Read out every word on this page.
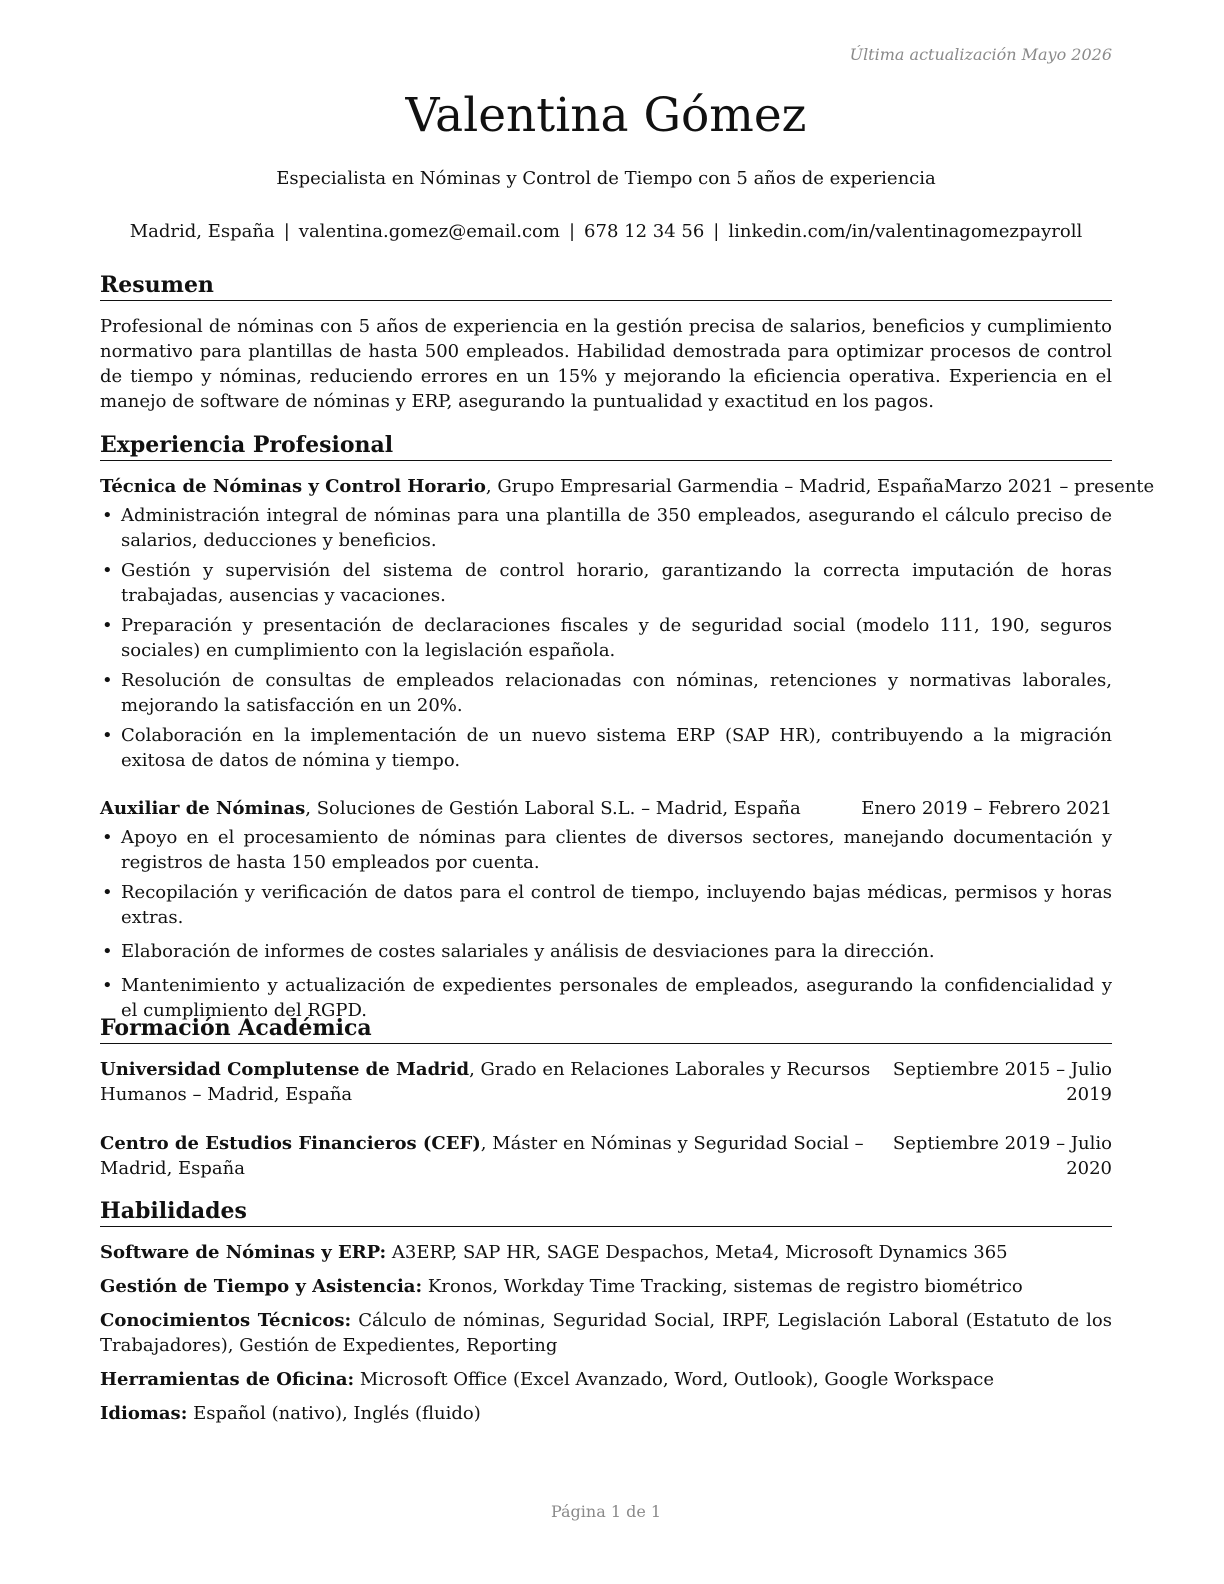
Última actualización Mayo 2026
Valentina Gómez
Especialista en Nóminas y Control de Tiempo con 5 años de experiencia
Madrid, España | valentina.gomez@email.com | 678 12 34 56 | linkedin.com/in/valentinagomezpayroll
Resumen
Profesional de nóminas con 5 años de experiencia en la gestión precisa de salarios, beneficios y cumplimiento normativo para plantillas de hasta 500 empleados. Habilidad demostrada para optimizar procesos de control de tiempo y nóminas, reduciendo errores en un 15% y mejorando la eficiencia operativa. Experiencia en el manejo de software de nóminas y ERP, asegurando la puntualidad y exactitud en los pagos.
Experiencia Profesional
Técnica de Nóminas y Control Horario, Grupo Empresarial Garmendia – Madrid, España Marzo 2021 – presente
• Administración integral de nóminas para una plantilla de 350 empleados, asegurando el cálculo preciso de salarios, deducciones y beneficios.
• Gestión y supervisión del sistema de control horario, garantizando la correcta imputación de horas trabajadas, ausencias y vacaciones.
• Preparación y presentación de declaraciones fiscales y de seguridad social (modelo 111, 190, seguros sociales) en cumplimiento con la legislación española.
• Resolución de consultas de empleados relacionadas con nóminas, retenciones y normativas laborales, mejorando la satisfacción en un 20%.
• Colaboración en la implementación de un nuevo sistema ERP (SAP HR), contribuyendo a la migración exitosa de datos de nómina y tiempo.
Auxiliar de Nóminas, Soluciones de Gestión Laboral S.L. – Madrid, España	Enero 2019 – Febrero 2021
• Apoyo en el procesamiento de nóminas para clientes de diversos sectores, manejando documentación y registros de hasta 150 empleados por cuenta.
• Recopilación y verificación de datos para el control de tiempo, incluyendo bajas médicas, permisos y horas extras.
• Elaboración de informes de costes salariales y análisis de desviaciones para la dirección.
• Mantenimiento y actualización de expedientes personales de empleados, asegurando la confidencialidad y el cumplimiento del RGPD.
Formación Académica
Universidad Complutense de Madrid, Grado en Relaciones Laborales y Recursos Humanos – Madrid, España
Septiembre 2015 – Julio 2019
Centro de Estudios Financieros (CEF), Máster en Nóminas y Seguridad Social – Madrid, España
Septiembre 2019 – Julio 2020
Habilidades
Software de Nóminas y ERP: A3ERP, SAP HR, SAGE Despachos, Meta4, Microsoft Dynamics 365
Gestión de Tiempo y Asistencia: Kronos, Workday Time Tracking, sistemas de registro biométrico
Conocimientos Técnicos: Cálculo de nóminas, Seguridad Social, IRPF, Legislación Laboral (Estatuto de los Trabajadores), Gestión de Expedientes, Reporting
Herramientas de Oficina: Microsoft Office (Excel Avanzado, Word, Outlook), Google Workspace
Idiomas: Español (nativo), Inglés (fluido)
Página 1 de 1
